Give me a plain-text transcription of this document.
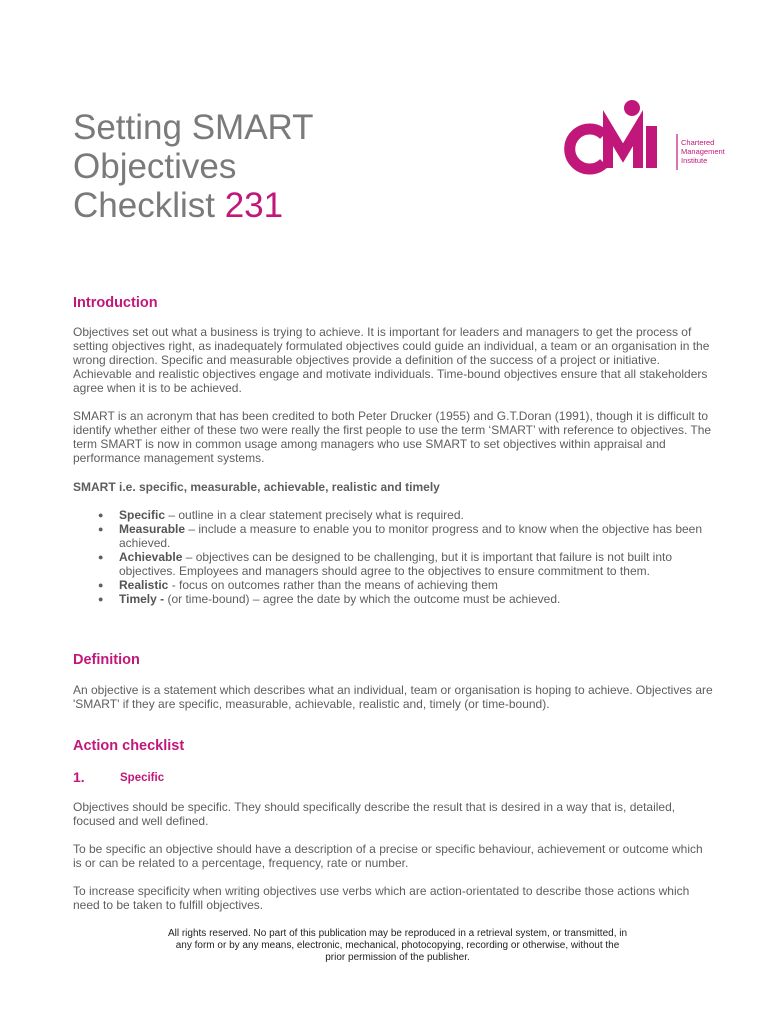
Setting SMART
Objectives
Checklist 231
Chartered
Management
Institute
Introduction

Objectives set out what a business is trying to achieve. It is important for leaders and managers to get the process of setting objectives right, as inadequately formulated objectives could guide an individual, a team or an organisation in the wrong direction. Specific and measurable objectives provide a definition of the success of a project or initiative. Achievable and realistic objectives engage and motivate individuals. Time-bound objectives ensure that all stakeholders agree when it is to be achieved.

SMART is an acronym that has been credited to both Peter Drucker (1955) and G.T.Doran (1991), though it is difficult to identify whether either of these two were really the first people to use the term ‘SMART’ with reference to objectives. The term SMART is now in common usage among managers who use SMART to set objectives within appraisal and performance management systems.

SMART i.e. specific, measurable, achievable, realistic and timely
● Specific – outline in a clear statement precisely what is required.
● Measurable – include a measure to enable you to monitor progress and to know when the objective has been achieved.
● Achievable – objectives can be designed to be challenging, but it is important that failure is not built into objectives. Employees and managers should agree to the objectives to ensure commitment to them.
● Realistic - focus on outcomes rather than the means of achieving them
● Timely - (or time-bound) – agree the date by which the outcome must be achieved.
Definition

An objective is a statement which describes what an individual, team or organisation is hoping to achieve. Objectives are 'SMART' if they are specific, measurable, achievable, realistic and, timely (or time-bound).

Action checklist
1.	Specific

Objectives should be specific. They should specifically describe the result that is desired in a way that is, detailed, focused and well defined.

To be specific an objective should have a description of a precise or specific behaviour, achievement or outcome which is or can be related to a percentage, frequency, rate or number.

To increase specificity when writing objectives use verbs which are action-orientated to describe those actions which need to be taken to fulfill objectives.

All rights reserved. No part of this publication may be reproduced in a retrieval system, or transmitted, in
any form or by any means, electronic, mechanical, photocopying, recording or otherwise, without the
prior permission of the publisher.
